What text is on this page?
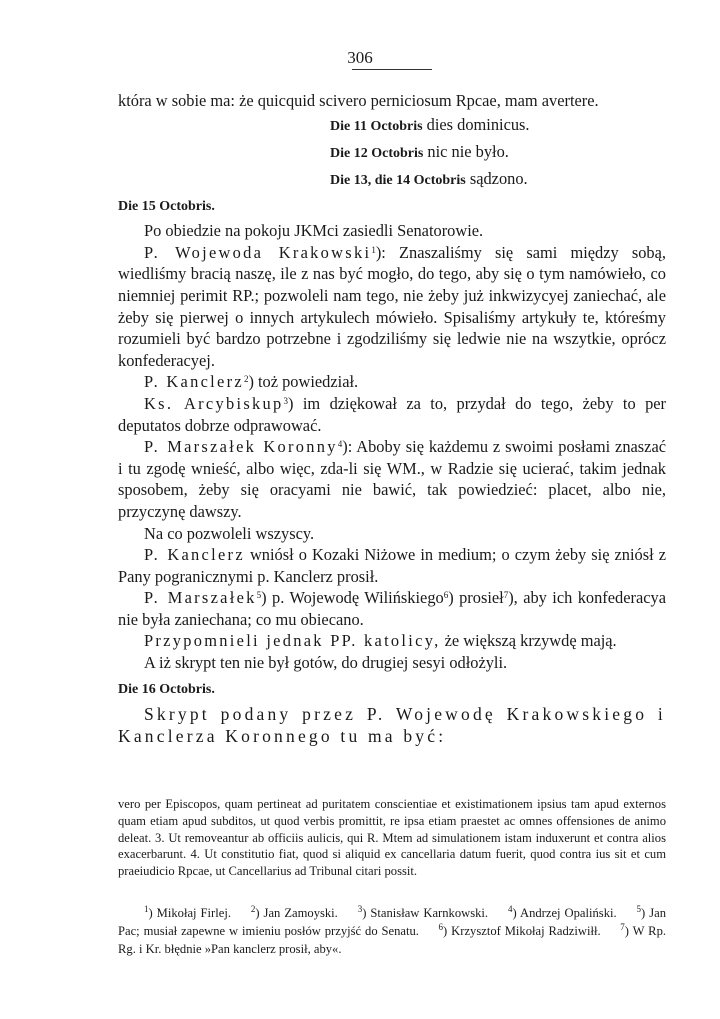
306

która w sobie ma: że quicquid scivero perniciosum Rpcae, mam avertere.

Die 11 Octobris dies dominicus.
Die 12 Octobris nic nie było.
Die 13, die 14 Octobris sądzono.

Die 15 Octobris.

Po obiedzie na pokoju JKMci zasiedli Senatorowie.

P. Wojewoda Krakowski$^1$): Znaszaliśmy się sami między sobą, wiedliśmy bracią naszę, ile z nas być mogło, do tego, aby się o tym namówieło, co niemniej perimit RP.; pozwoleli nam tego, nie żeby już inkwizycyej zaniechać, ale żeby się pierwej o innych artykulech mówieło. Spisaliśmy artykuły te, któreśmy rozumieli być bardzo potrzebne i zgodziliśmy się ledwie nie na wszytkie, oprócz konfederacyej.

P. Kanclerz$^2$) toż powiedział.

Ks. Arcybiskup$^3$) im dziękował za to, przydał do tego, żeby to per deputatos dobrze odprawować.

P. Marszałek Koronny$^4$): Aboby się każdemu z swoimi posłami znaszać i tu zgodę wnieść, albo więc, zda-li się WM., w Radzie się ucierać, takim jednak sposobem, żeby się oracyami nie bawić, tak powiedzieć: placet, albo nie, przyczynę dawszy.

Na co pozwoleli wszyscy.

P. Kanclerz wniósł o Kozaki Niżowe in medium; o czym żeby się zniósł z Pany pogranicznymi p. Kanclerz prosił.

P. Marszałek$^5$) p. Wojewodę Wilińskiego$^6$) prosieł$^7$), aby ich konfederacya nie była zaniechana; co mu obiecano.

Przypomnieli jednak PP. katolicy, że większą krzywdę mają.

A iż skrypt ten nie był gotów, do drugiej sesyi odłożyli.

Die 16 Octobris.

Skrypt podany przez P. Wojewodę Krakowskiego i Kanclerza Koronnego tu ma być:

vero per Episcopos, quam pertineat ad puritatem conscientiae et existimationem ipsius tam apud externos quam etiam apud subditos, ut quod verbis promittit, re ipsa etiam praestet ac omnes offensiones de animo deleat. 3. Ut removeantur ab officiis aulicis, qui R. Mtem ad simulationem istam induxerunt et contra alios exacerbarunt. 4. Ut constitutio fiat, quod si aliquid ex cancellaria datum fuerit, quod contra ius sit et cum praeiudicio Rpcae, ut Cancellarius ad Tribunal citari possit.

$^1$) Mikołaj Firlej. $^2$) Jan Zamoyski. $^3$) Stanisław Karnkowski. $^4$) Andrzej Opaliński. $^5$) Jan Pac; musiał zapewne w imieniu posłów przyjść do Senatu. $^6$) Krzysztof Mikołaj Radziwiłł. $^7$) W Rp. Rg. i Kr. błędnie »Pan kanclerz prosił, aby«.
